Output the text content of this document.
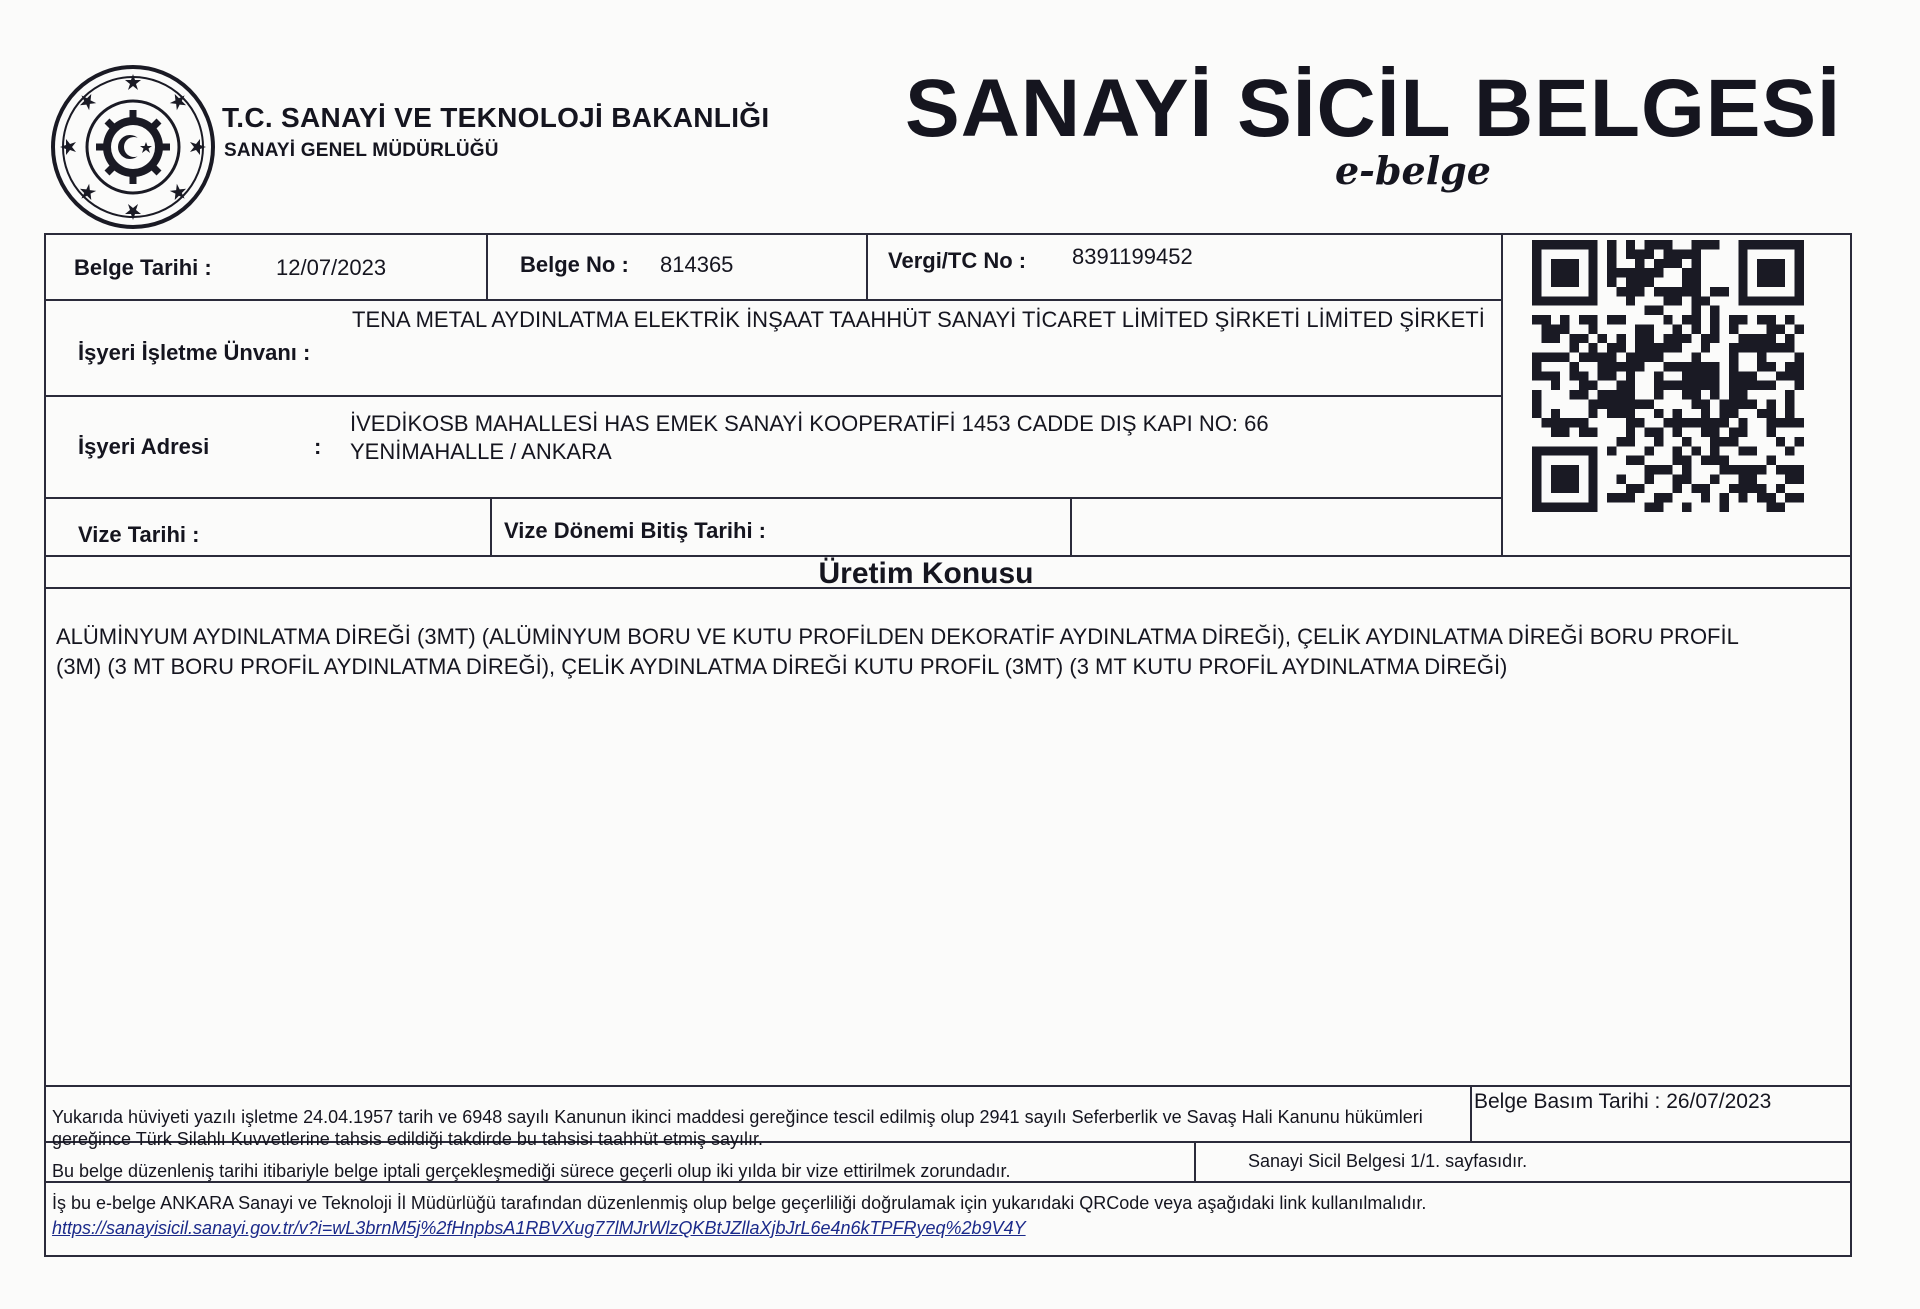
T.C. SANAYİ VE TEKNOLOJİ BAKANLIĞI
SANAYİ GENEL MÜDÜRLÜĞÜ	SANAYİ SİCİL BELGESİ
e-belge
Belge Tarihi :	12/07/2023	Belge No : 814365	Vergi/TC No : 8391199452
İşyeri İşletme Ünvanı :
TENA METAL AYDINLATMA ELEKTRİK İNŞAAT TAAHHÜT SANAYİ TİCARET LİMİTED ŞİRKETİ LİMİTED ŞİRKETİ
İşyeri Adresi	:
İVEDİKOSB MAHALLESİ HAS EMEK SANAYİ KOOPERATİFİ 1453 CADDE DIŞ KAPI NO: 66 YENİMAHALLE / ANKARA
Vize Tarihi :	Vize Dönemi Bitiş Tarihi :
Üretim Konusu
ALÜMİNYUM AYDINLATMA DİREĞİ (3MT) (ALÜMİNYUM BORU VE KUTU PROFİLDEN DEKORATİF AYDINLATMA DİREĞİ), ÇELİK AYDINLATMA DİREĞİ BORU PROFİL (3M) (3 MT BORU PROFİL AYDINLATMA DİREĞİ), ÇELİK AYDINLATMA DİREĞİ KUTU PROFİL (3MT) (3 MT KUTU PROFİL AYDINLATMA DİREĞİ)
Yukarıda hüviyeti yazılı işletme 24.04.1957 tarih ve 6948 sayılı Kanunun ikinci maddesi gereğince tescil edilmiş olup 2941 sayılı Seferberlik ve Savaş Hali Kanunu hükümleri gereğince Türk Silahlı Kuvvetlerine tahsis edildiği takdirde bu tahsisi taahhüt etmiş sayılır.
Belge Basım Tarihi : 26/07/2023
Bu belge düzenleniş tarihi itibariyle belge iptali gerçekleşmediği sürece geçerli olup iki yılda bir vize ettirilmek zorundadır.	Sanayi Sicil Belgesi 1/1. sayfasıdır.
İş bu e-belge ANKARA Sanayi ve Teknoloji İl Müdürlüğü tarafından düzenlenmiş olup belge geçerliliği doğrulamak için yukarıdaki QRCode veya aşağıdaki link kullanılmalıdır.
https://sanayisicil.sanayi.gov.tr/v?i=wL3brnM5j%2fHnpbsA1RBVXug77lMJrWlzQKBtJZllaXjbJrL6e4n6kTPFRyeq%2b9V4Y
